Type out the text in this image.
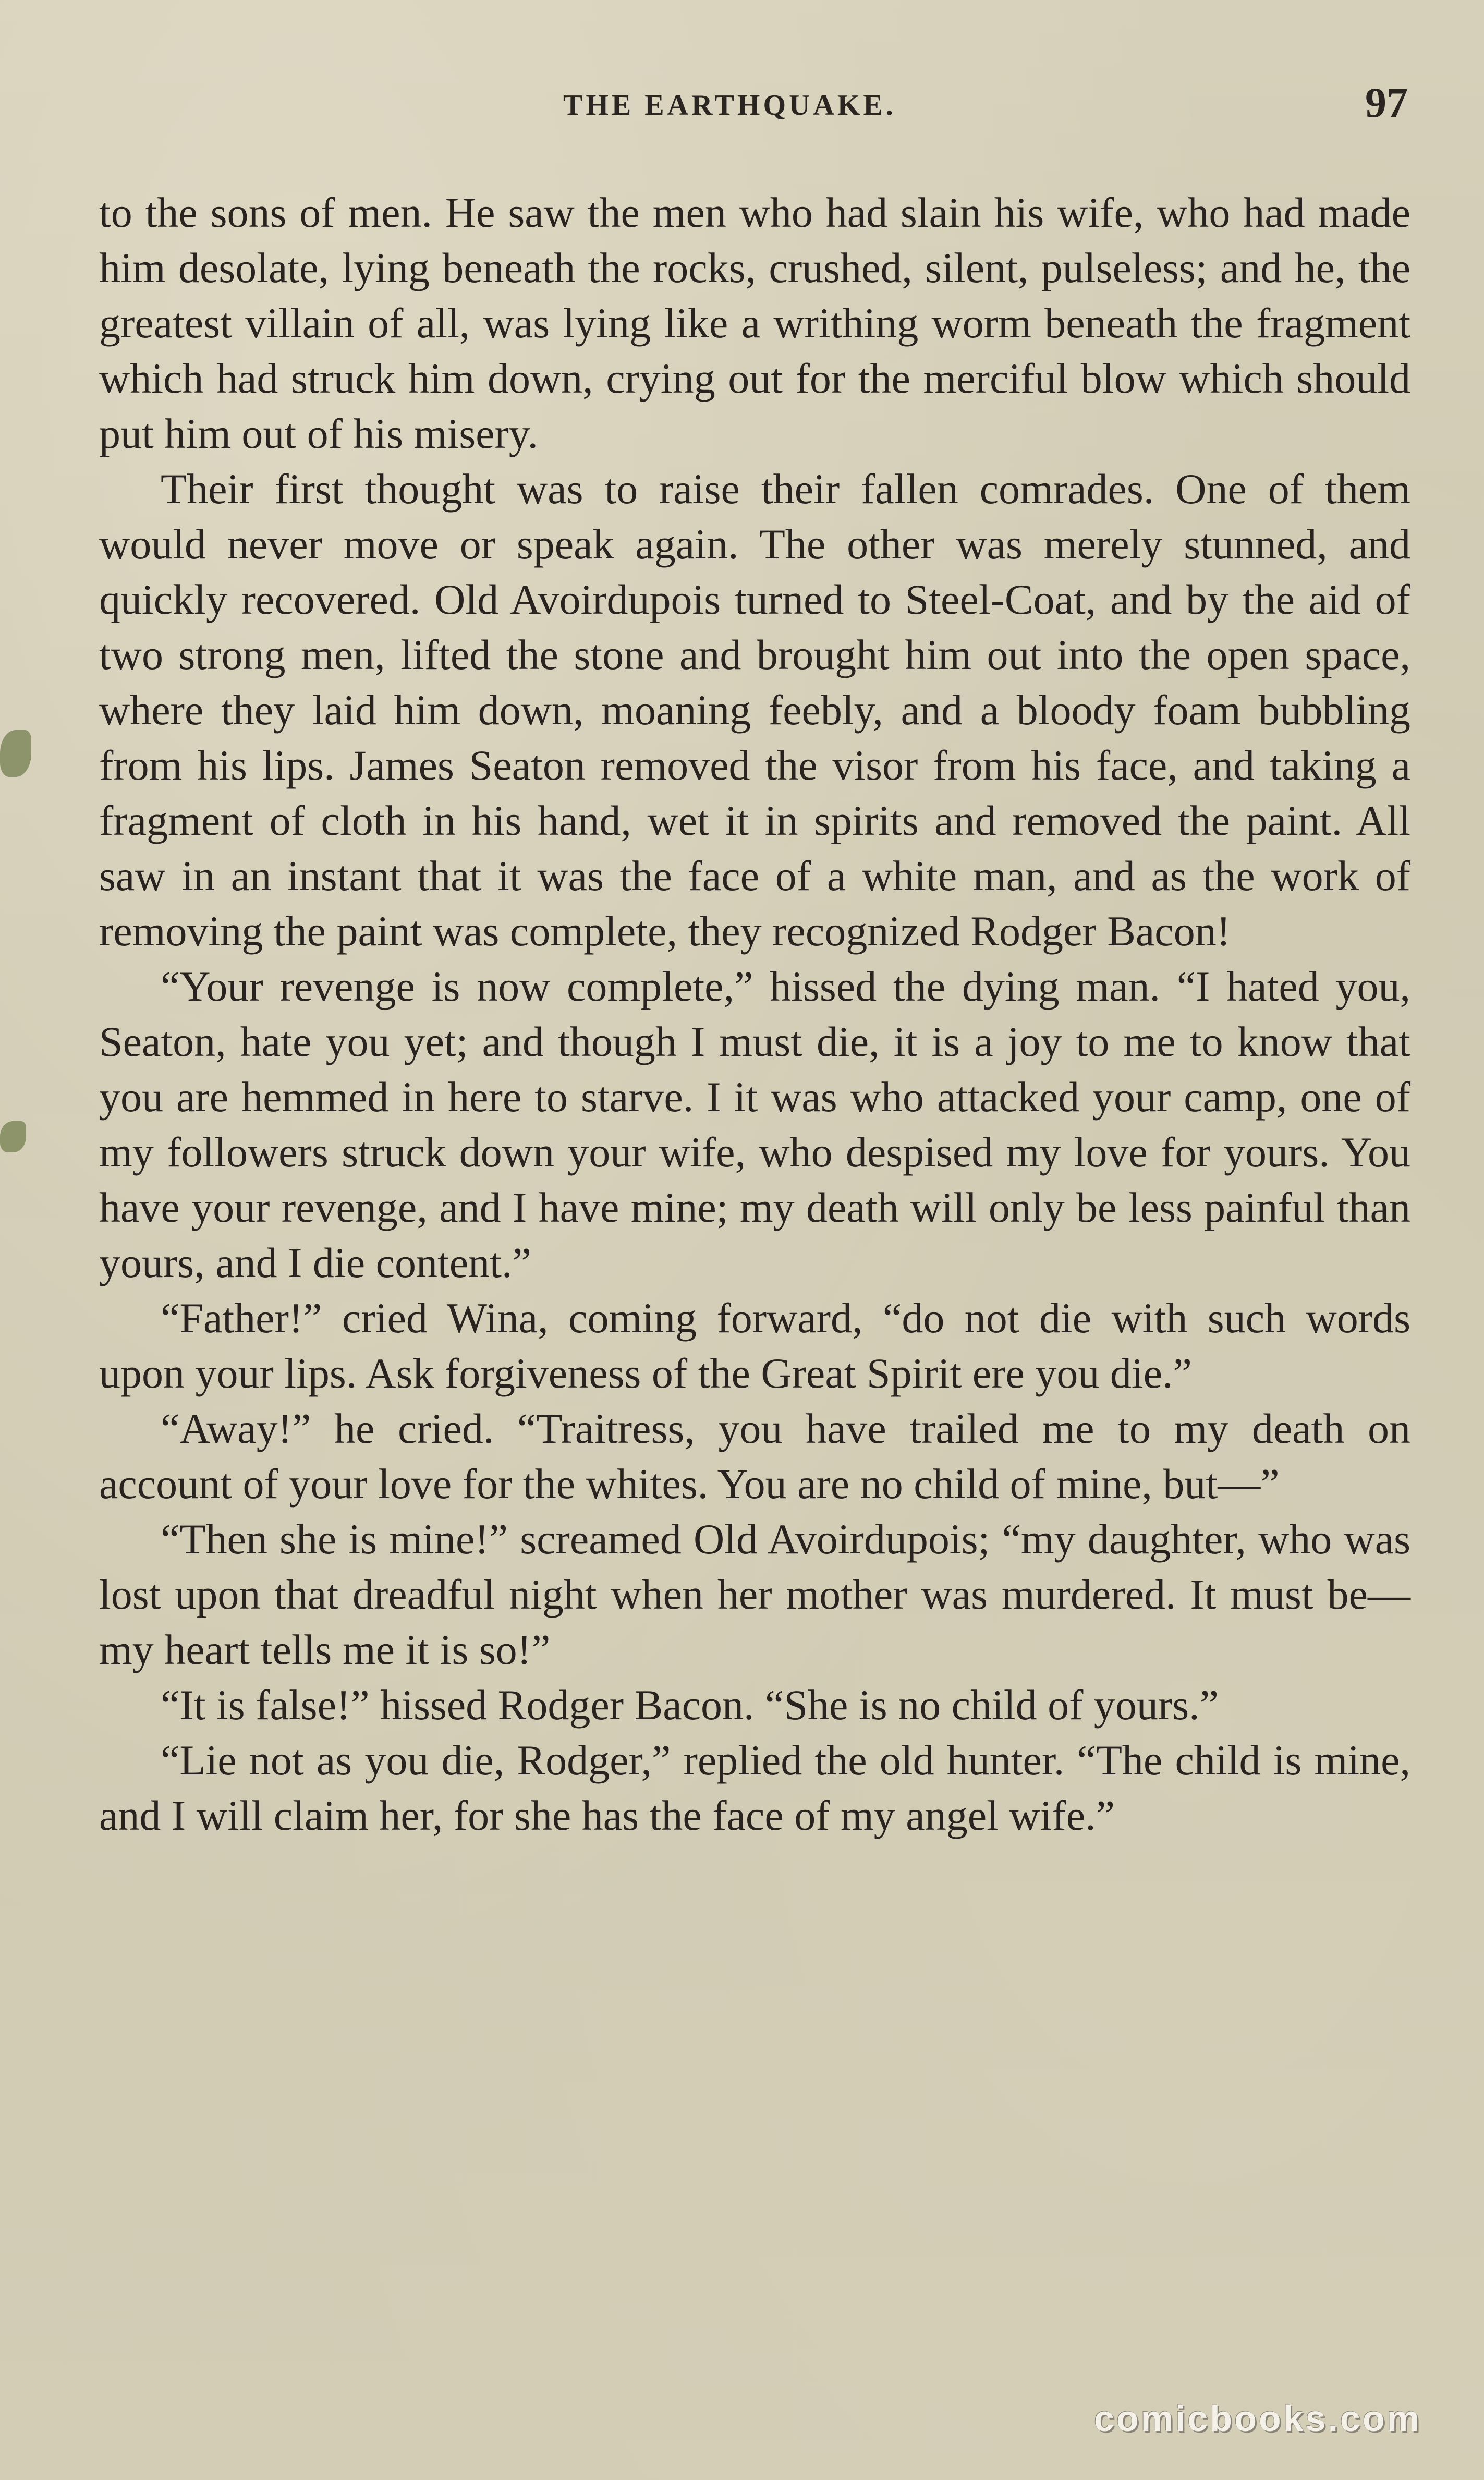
THE EARTHQUAKE.	97

to the sons of men. He saw the men who had slain his wife, who had made him desolate, lying beneath the rocks, crushed, silent, pulseless; and he, the greatest villain of all, was lying like a writhing worm beneath the fragment which had struck him down, crying out for the merciful blow which should put him out of his misery.

Their first thought was to raise their fallen comrades. One of them would never move or speak again. The other was merely stunned, and quickly recovered. Old Avoirdupois turned to Steel-Coat, and by the aid of two strong men, lifted the stone and brought him out into the open space, where they laid him down, moaning feebly, and a bloody foam bubbling from his lips. James Seaton removed the visor from his face, and taking a fragment of cloth in his hand, wet it in spirits and removed the paint. All saw in an instant that it was the face of a white man, and as the work of removing the paint was complete, they recognized Rodger Bacon!

“Your revenge is now complete,” hissed the dying man. “I hated you, Seaton, hate you yet; and though I must die, it is a joy to me to know that you are hemmed in here to starve. I it was who attacked your camp, one of my followers struck down your wife, who despised my love for yours. You have your revenge, and I have mine; my death will only be less painful than yours, and I die content.”

“Father!” cried Wina, coming forward, “do not die with such words upon your lips. Ask forgiveness of the Great Spirit ere you die.”

“Away!” he cried. “Traitress, you have trailed me to my death on account of your love for the whites. You are no child of mine, but—”

“Then she is mine!” screamed Old Avoirdupois; “my daughter, who was lost upon that dreadful night when her mother was murdered. It must be—my heart tells me it is so!”

“It is false!” hissed Rodger Bacon. “She is no child of yours.”

“Lie not as you die, Rodger,” replied the old hunter. “The child is mine, and I will claim her, for she has the face of my angel wife.”

comicbooks.com
